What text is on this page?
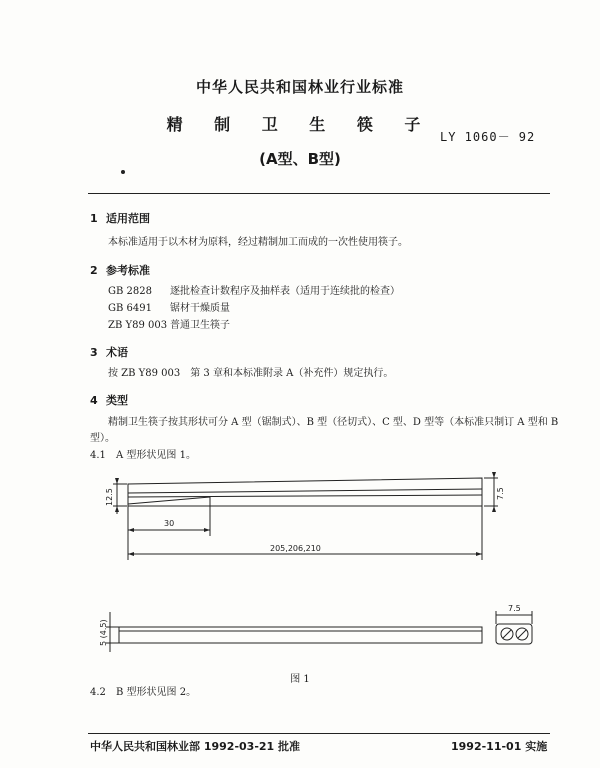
中华人民共和国林业行业标准
精 制 卫 生 筷 子
LY 1060－ 92
(A型、B型)
1 适用范围
本标准适用于以木材为原料，经过精制加工而成的一次性使用筷子。
2 参考标准
GB 2828 逐批检查计数程序及抽样表（适用于连续批的检查）
GB 6491 锯材干燥质量
ZB Y89 003 普通卫生筷子
3 术语
按 ZB Y89 003　第 3 章和本标准附录 A（补充件）规定执行。
4 类型
精制卫生筷子按其形状可分 A 型（锯制式）、B 型（径切式）、C 型、D 型等（本标准只制订 A 型和 B
型）。
4.1 A 型形状见图 1。
30
205,206,210
12.5	7.5
5 (4.5)
7.5
图 1
4.2 B 型形状见图 2。
中华人民共和国林业部 1992-03-21 批准	1992-11-01 实施
